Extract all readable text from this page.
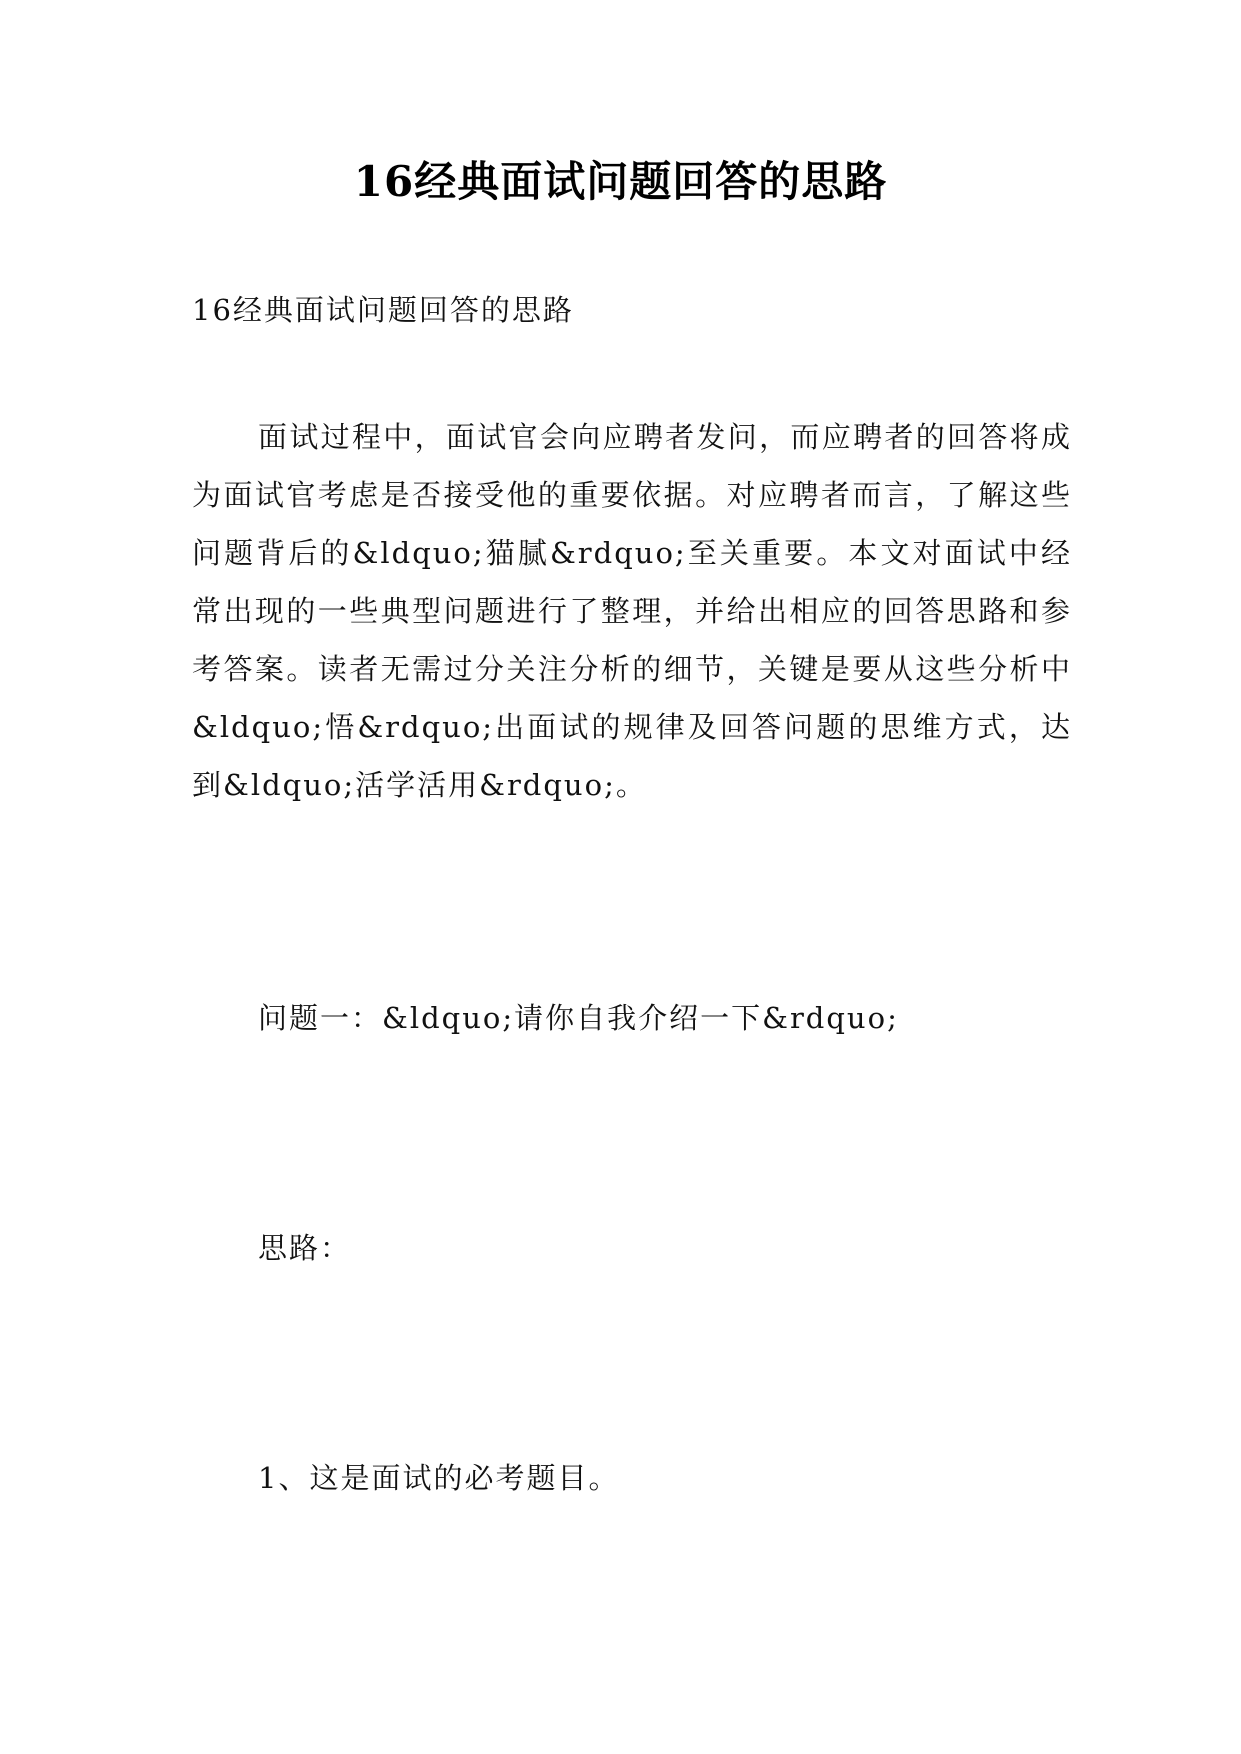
16经典面试问题回答的思路
16经典面试问题回答的思路
面试过程中，面试官会向应聘者发问，而应聘者的回答将成为面试官考虑是否接受他的重要依据。对应聘者而言，了解这些问题背后的&ldquo;猫腻&rdquo;至关重要。本文对面试中经常出现的一些典型问题进行了整理，并给出相应的回答思路和参考答案。读者无需过分关注分析的细节，关键是要从这些分析中&ldquo;悟&rdquo;出面试的规律及回答问题的思维方式，达到&ldquo;活学活用&rdquo;。
问题一：&ldquo;请你自我介绍一下&rdquo;
思路：
1、这是面试的必考题目。
